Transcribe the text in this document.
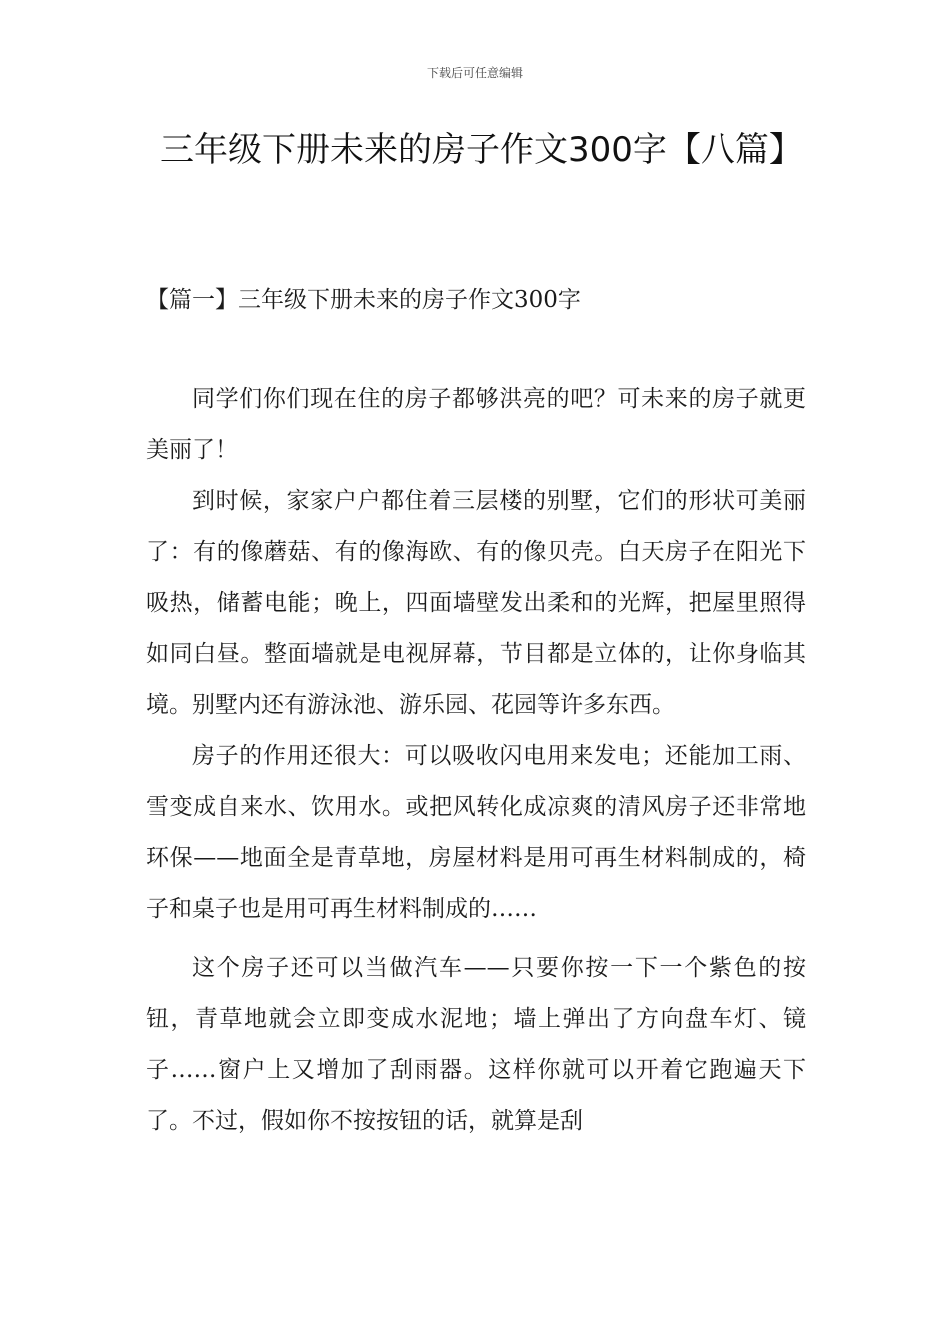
下载后可任意编辑
三年级下册未来的房子作文300字【八篇】
【篇一】三年级下册未来的房子作文300字

同学们你们现在住的房子都够洪亮的吧？可未来的房子就更美丽了！

到时候，家家户户都住着三层楼的别墅，它们的形状可美丽了：有的像蘑菇、有的像海欧、有的像贝壳。白天房子在阳光下吸热，储蓄电能；晚上，四面墙壁发出柔和的光辉，把屋里照得如同白昼。整面墙就是电视屏幕，节目都是立体的，让你身临其境。别墅内还有游泳池、游乐园、花园等许多东西。

房子的作用还很大：可以吸收闪电用来发电；还能加工雨、雪变成自来水、饮用水。或把风转化成凉爽的清风房子还非常地环保——地面全是青草地，房屋材料是用可再生材料制成的，椅子和桌子也是用可再生材料制成的……

这个房子还可以当做汽车——只要你按一下一个紫色的按钮，青草地就会立即变成水泥地；墙上弹出了方向盘车灯、镜子……窗户上又增加了刮雨器。这样你就可以开着它跑遍天下了。不过，假如你不按按钮的话，就算是刮
